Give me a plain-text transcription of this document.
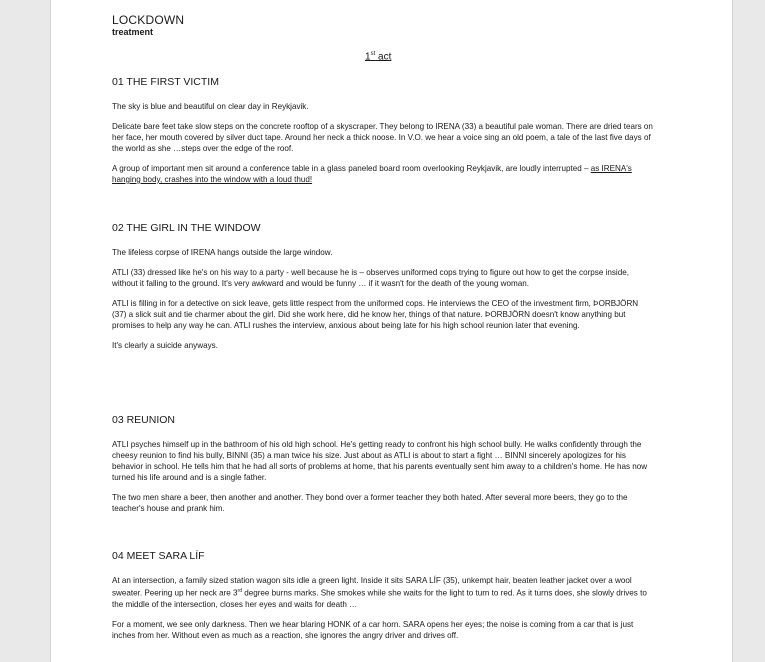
LOCKDOWN
treatment
1st act
01 THE FIRST VICTIM

The sky is blue and beautiful on clear day in Reykjavik.

Delicate bare feet take slow steps on the concrete rooftop of a skyscraper. They belong to IRENA (33) a beautiful pale woman. There are dried tears on her face, her mouth covered by silver duct tape. Around her neck a thick noose. In V.O. we hear a voice sing an old poem, a tale of the last five days of the world as she …steps over the edge of the roof.

A group of important men sit around a conference table in a glass paneled board room overlooking Reykjavik, are loudly interrupted – as IRENA's hanging body, crashes into the window with a loud thud!

02 THE GIRL IN THE WINDOW

The lifeless corpse of IRENA hangs outside the large window.

ATLI (33) dressed like he's on his way to a party - well because he is – observes uniformed cops trying to figure out how to get the corpse inside, without it falling to the ground. It's very awkward and would be funny … if it wasn't for the death of the young woman.

ATLI is filling in for a detective on sick leave, gets little respect from the uniformed cops. He interviews the CEO of the investment firm, ÞORBJÖRN (37) a slick suit and tie charmer about the girl. Did she work here, did he know her, things of that nature. ÞORBJÖRN doesn't know anything but promises to help any way he can. ATLI rushes the interview, anxious about being late for his high school reunion later that evening.

It's clearly a suicide anyways.

03 REUNION

ATLI psyches himself up in the bathroom of his old high school. He's getting ready to confront his high school bully. He walks confidently through the cheesy reunion to find his bully, BINNI (35) a man twice his size. Just about as ATLI is about to start a fight … BINNI sincerely apologizes for his behavior in school. He tells him that he had all sorts of problems at home, that his parents eventually sent him away to a children's home. He has now turned his life around and is a single father.

The two men share a beer, then another and another. They bond over a former teacher they both hated. After several more beers, they go to the teacher's house and prank him.

04 MEET SARA LÍF

At an intersection, a family sized station wagon sits idle a green light. Inside it sits SARA LÍF (35), unkempt hair, beaten leather jacket over a wool sweater. Peering up her neck are 3rd degree burns marks. She smokes while she waits for the light to turn to red. As it turns does, she slowly drives to the middle of the intersection, closes her eyes and waits for death …

For a moment, we see only darkness. Then we hear blaring HONK of a car horn. SARA opens her eyes; the noise is coming from a car that is just inches from her. Without even as much as a reaction, she ignores the angry driver and drives off.
